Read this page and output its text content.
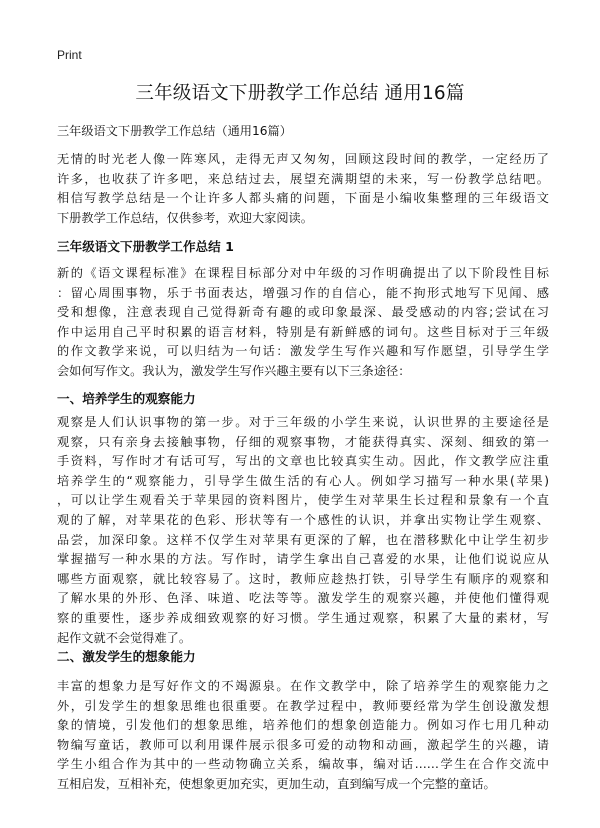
Print
三年级语文下册教学工作总结 通用16篇

三年级语文下册教学工作总结（通用16篇）

无情的时光老人像一阵寒风，走得无声又匆匆，回顾这段时间的教学，一定经历了
许多，也收获了许多吧，来总结过去，展望充满期望的未来，写一份教学总结吧。
相信写教学总结是一个让许多人都头痛的问题，下面是小编收集整理的三年级语文
下册教学工作总结，仅供参考，欢迎大家阅读。
三年级语文下册教学工作总结 1
新的《语文课程标准》在课程目标部分对中年级的习作明确提出了以下阶段性目标
：留心周围事物，乐于书面表达，增强习作的自信心，能不拘形式地写下见闻、感
受和想像，注意表现自己觉得新奇有趣的或印象最深、最受感动的内容;尝试在习
作中运用自己平时积累的语言材料，特别是有新鲜感的词句。这些目标对于三年级
的作文教学来说，可以归结为一句话：激发学生写作兴趣和写作愿望，引导学生学
会如何写作文。我认为，激发学生写作兴趣主要有以下三条途径：
一、培养学生的观察能力
观察是人们认识事物的第一步。对于三年级的小学生来说，认识世界的主要途径是
观察，只有亲身去接触事物，仔细的观察事物，才能获得真实、深刻、细致的第一
手资料，写作时才有话可写，写出的文章也比较真实生动。因此，作文教学应注重
培养学生的“观察能力，引导学生做生活的有心人。例如学习描写一种水果(苹果)
，可以让学生观看关于苹果园的资料图片，使学生对苹果生长过程和景象有一个直
观的了解，对苹果花的色彩、形状等有一个感性的认识，并拿出实物让学生观察、
品尝，加深印象。这样不仅学生对苹果有更深的了解，也在潜移默化中让学生初步
掌握描写一种水果的方法。写作时，请学生拿出自己喜爱的水果，让他们说说应从
哪些方面观察，就比较容易了。这时，教师应趁热打铁，引导学生有顺序的观察和
了解水果的外形、色泽、味道、吃法等等。激发学生的观察兴趣，并使他们懂得观
察的重要性，逐步养成细致观察的好习惯。学生通过观察，积累了大量的素材，写
起作文就不会觉得难了。
二、激发学生的想象能力
丰富的想象力是写好作文的不竭源泉。在作文教学中，除了培养学生的观察能力之
外，引发学生的想象思维也很重要。在教学过程中，教师要经常为学生创设激发想
象的情境，引发他们的想象思维，培养他们的想象创造能力。例如习作七用几种动
物编写童话，教师可以利用课件展示很多可爱的动物和动画，激起学生的兴趣，请
学生小组合作为其中的一些动物确立关系，编故事，编对话……学生在合作交流中
互相启发，互相补充，使想象更加充实，更加生动，直到编写成一个完整的童话。
